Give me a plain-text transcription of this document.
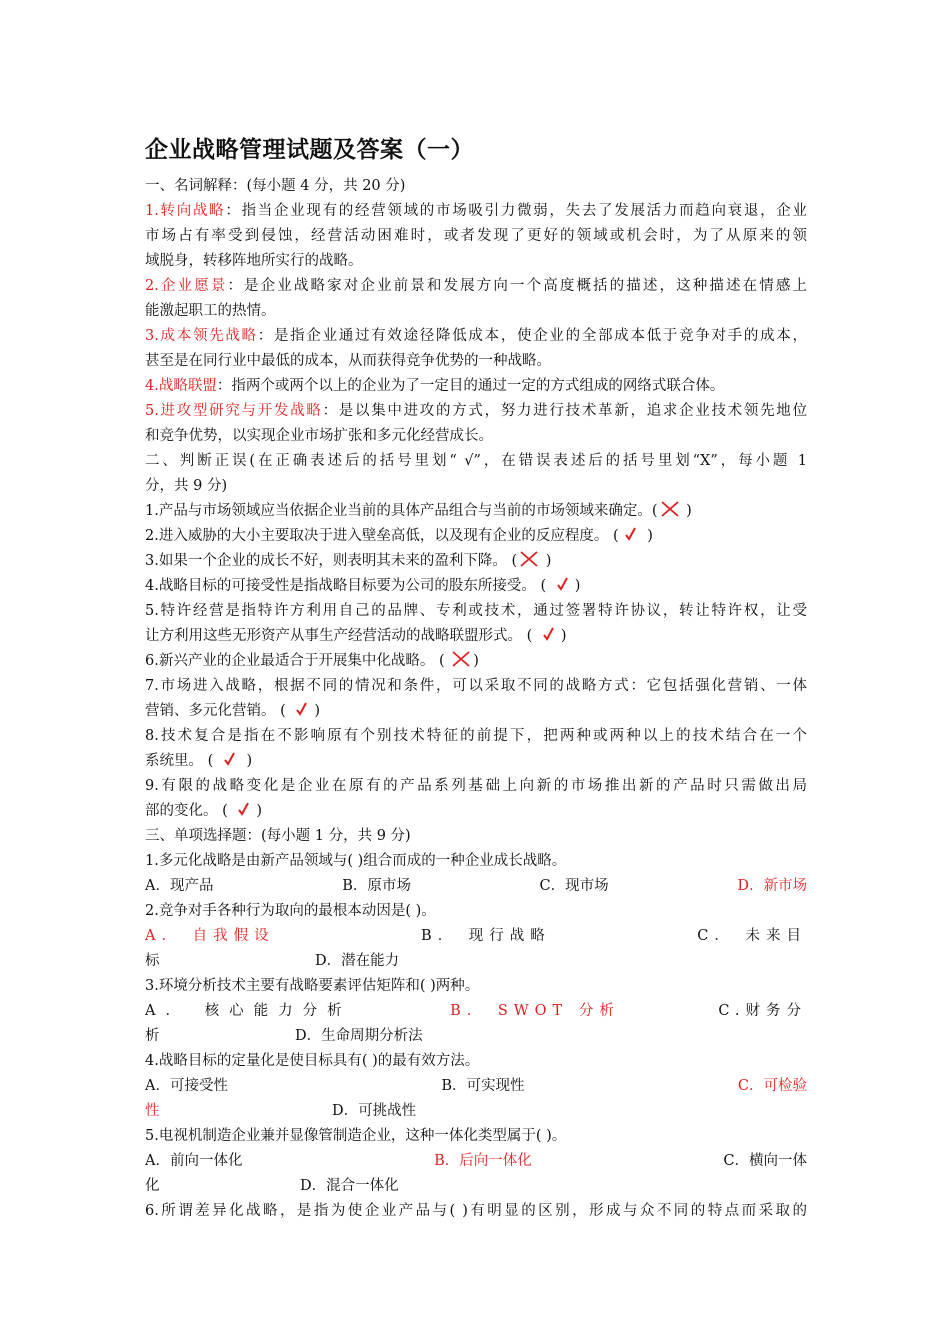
企业战略管理试题及答案（一）
一、名词解释：(每小题 4 分，共 20 分)
1.转向战略：指当企业现有的经营领域的市场吸引力微弱，失去了发展活力而趋向衰退，企业
市场占有率受到侵蚀，经营活动困难时，或者发现了更好的领域或机会时，为了从原来的领
域脱身，转移阵地所实行的战略。
2.企业愿景：是企业战略家对企业前景和发展方向一个高度概括的描述，这种描述在情感上
能激起职工的热情。
3.成本领先战略：是指企业通过有效途径降低成本，使企业的全部成本低于竞争对手的成本，
甚至是在同行业中最低的成本，从而获得竞争优势的一种战略。
4.战略联盟：指两个或两个以上的企业为了一定目的通过一定的方式组成的网络式联合体。
5.进攻型研究与开发战略：是以集中进攻的方式，努力进行技术革新，追求企业技术领先地位
和竞争优势，以实现企业市场扩张和多元化经营成长。
二、判断正误(在正确表述后的括号里划“ √”，在错误表述后的括号里划“X”，每小题 1
分，共 9 分)
1.产品与市场领域应当依据企业当前的具体产品组合与当前的市场领域来确定。(
)
2.进入威胁的大小主要取决于进入壁垒高低，以及现有企业的反应程度。 (
)
3.如果一个企业的成长不好，则表明其未来的盈利下降。 (
)
4.战略目标的可接受性是指战略目标要为公司的股东所接受。 (
)
5.特许经营是指特许方利用自己的品牌、专利或技术，通过签署特许协议，转让特许权，让受
让方利用这些无形资产从事生产经营活动的战略联盟形式。 (
)
6.新兴产业的企业最适合于开展集中化战略。 (
)
7.市场进入战略，根据不同的情况和条件，可以采取不同的战略方式：它包括强化营销、一体
营销、多元化营销。 (
)
8.技术复合是指在不影响原有个别技术特征的前提下，把两种或两种以上的技术结合在一个
系统里。 (
)
9.有限的战略变化是企业在原有的产品系列基础上向新的市场推出新的产品时只需做出局
部的变化。 (
)
三、单项选择题：(每小题 1 分，共 9 分)
1.多元化战略是由新产品领域与( )组合而成的一种企业成长战略。
A．现产品	B．原市场	C．现市场	D．新市场
2.竞争对手各种行为取向的最根本动因是( )。
A． 自我假设	B． 现行战略	C． 未来目
标	D．潜在能力
3.环境分析技术主要有战略要素评估矩阵和( )两种。
A． 核心能力分析	B． SWOT 分析	C.财务分
析	D．生命周期分析法
4.战略目标的定量化是使目标具有( )的最有效方法。
A．可接受性	B．可实现性	C．可检验
性	D．可挑战性
5.电视机制造企业兼并显像管制造企业，这种一体化类型属于( )。
A．前向一体化	B．后向一体化	C．横向一体
化	D．混合一体化
6.所谓差异化战略，是指为使企业产品与( )有明显的区别，形成与众不同的特点而采取的
